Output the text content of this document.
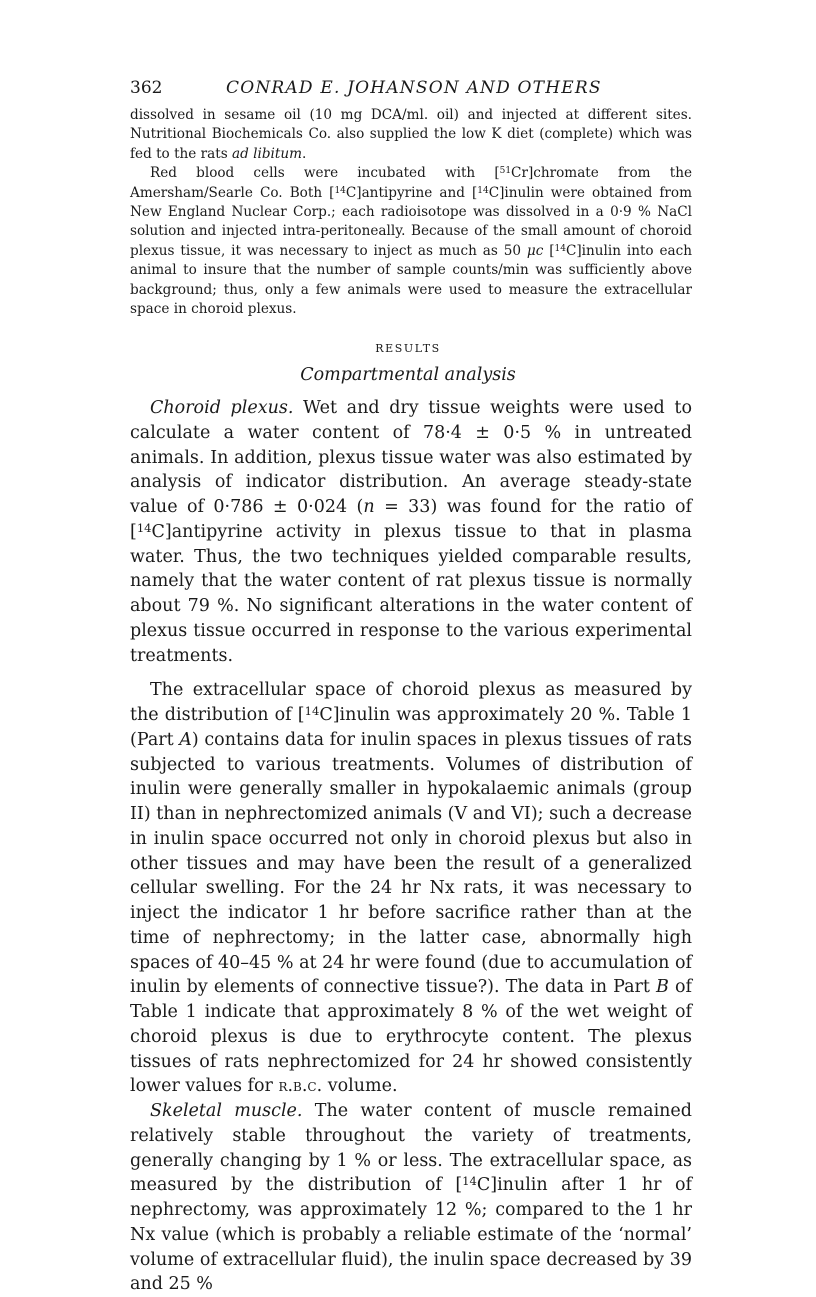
362	CONRAD E. JOHANSON AND OTHERS

dissolved in sesame oil (10 mg DCA/ml. oil) and injected at different sites. Nutritional Biochemicals Co. also supplied the low K diet (complete) which was fed to the rats ad libitum.

Red blood cells were incubated with [$^{51}$Cr]chromate from the Amersham/Searle Co. Both [$^{14}$C]antipyrine and [$^{14}$C]inulin were obtained from New England Nuclear Corp.; each radioisotope was dissolved in a 0·9 % NaCl solution and injected intra-peritoneally. Because of the small amount of choroid plexus tissue, it was necessary to inject as much as 50 μc [$^{14}$C]inulin into each animal to insure that the number of sample counts/min was sufficiently above background; thus, only a few animals were used to measure the extracellular space in choroid plexus.

RESULTS
Compartmental analysis

Choroid plexus. Wet and dry tissue weights were used to calculate a water content of 78·4 ± 0·5 % in untreated animals. In addition, plexus tissue water was also estimated by analysis of indicator distribution. An average steady-state value of 0·786 ± 0·024 (n = 33) was found for the ratio of [$^{14}$C]antipyrine activity in plexus tissue to that in plasma water. Thus, the two techniques yielded comparable results, namely that the water content of rat plexus tissue is normally about 79 %. No significant alterations in the water content of plexus tissue occurred in response to the various experimental treatments.

The extracellular space of choroid plexus as measured by the distribution of [$^{14}$C]inulin was approximately 20 %. Table 1 (Part A) contains data for inulin spaces in plexus tissues of rats subjected to various treatments. Volumes of distribution of inulin were generally smaller in hypokalaemic animals (group II) than in nephrectomized animals (V and VI); such a decrease in inulin space occurred not only in choroid plexus but also in other tissues and may have been the result of a generalized cellular swelling. For the 24 hr Nx rats, it was necessary to inject the indicator 1 hr before sacrifice rather than at the time of nephrectomy; in the latter case, abnormally high spaces of 40–45 % at 24 hr were found (due to accumulation of inulin by elements of connective tissue?). The data in Part B of Table 1 indicate that approximately 8 % of the wet weight of choroid plexus is due to erythrocyte content. The plexus tissues of rats nephrectomized for 24 hr showed consistently lower values for r.b.c. volume.

Skeletal muscle. The water content of muscle remained relatively stable throughout the variety of treatments, generally changing by 1 % or less. The extracellular space, as measured by the distribution of [$^{14}$C]inulin after 1 hr of nephrectomy, was approximately 12 %; compared to the 1 hr Nx value (which is probably a reliable estimate of the ‘normal’ volume of extracellular fluid), the inulin space decreased by 39 and 25 %
